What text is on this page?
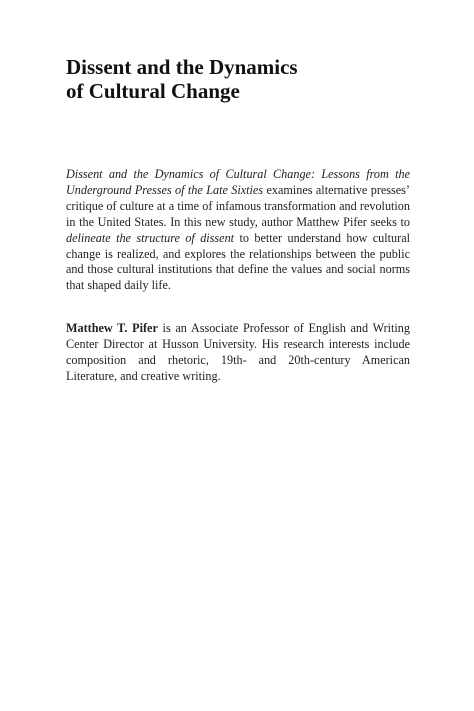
Dissent and the Dynamics
of Cultural Change

Dissent and the Dynamics of Cultural Change: Lessons from the Underground Presses of the Late Sixties examines alternative presses’ critique of culture at a time of infamous transformation and revolution in the United States. In this new study, author Matthew Pifer seeks to delineate the structure of dissent to better understand how cultural change is realized, and explores the relationships between the public and those cultural institutions that define the values and social norms that shaped daily life.

Matthew T. Pifer is an Associate Professor of English and Writing Center Director at Husson University. His research interests include composition and rhetoric, 19th- and 20th-century American Literature, and creative writing.
